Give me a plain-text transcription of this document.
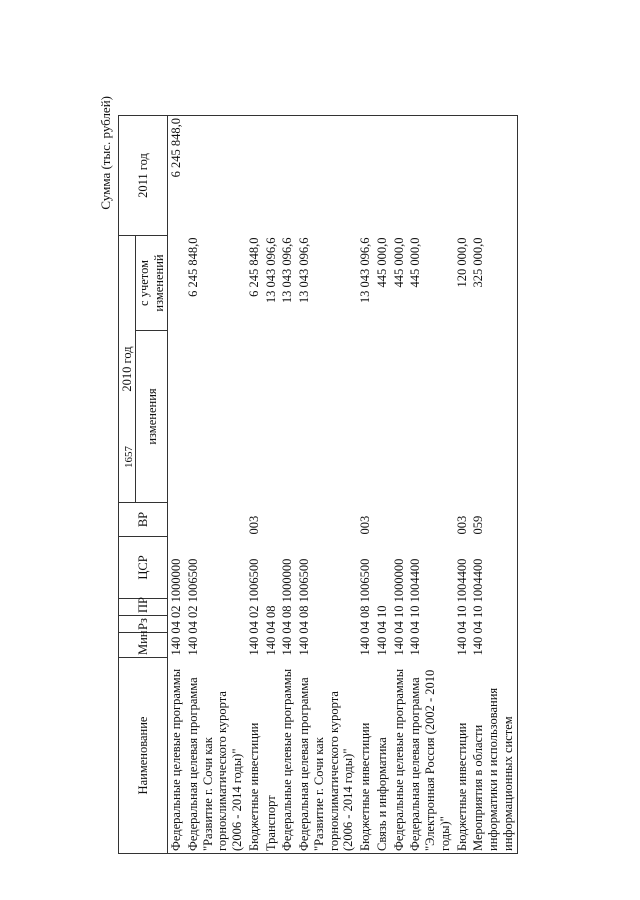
1657
Сумма (тыс. рублей)
Наименование	Мин	Рз	ПР	ЦСР	ВР	2010 год		2011 год
						изменения	с учетом изменений	
Федеральные целевые программы	140 04 02 1000000							6 245 848,0
Федеральная целевая программа "Развитие г. Сочи как горноклиматического курорта (2006 - 2014 годы)"	140 04 02 1006500						6 245 848,0	
Бюджетные инвестиции	140 04 02 1006500				003		6 245 848,0	
Транспорт	140 04 08						13 043 096,6	
Федеральные целевые программы	140 04 08 1000000						13 043 096,6	
Федеральная целевая программа "Развитие г. Сочи как горноклиматического курорта (2006 - 2014 годы)"	140 04 08 1006500						13 043 096,6	
Бюджетные инвестиции	140 04 08 1006500				003		13 043 096,6	
Связь и информатика	140 04 10						445 000,0	
Федеральные целевые программы	140 04 10 1000000						445 000,0	
Федеральная целевая программа "Электронная Россия (2002 - 2010 годы)"	140 04 10 1004400						445 000,0	
Бюджетные инвестиции	140 04 10 1004400				003		120 000,0	
Мероприятия в области информатики и использования информационных систем	140 04 10 1004400				059		325 000,0	
